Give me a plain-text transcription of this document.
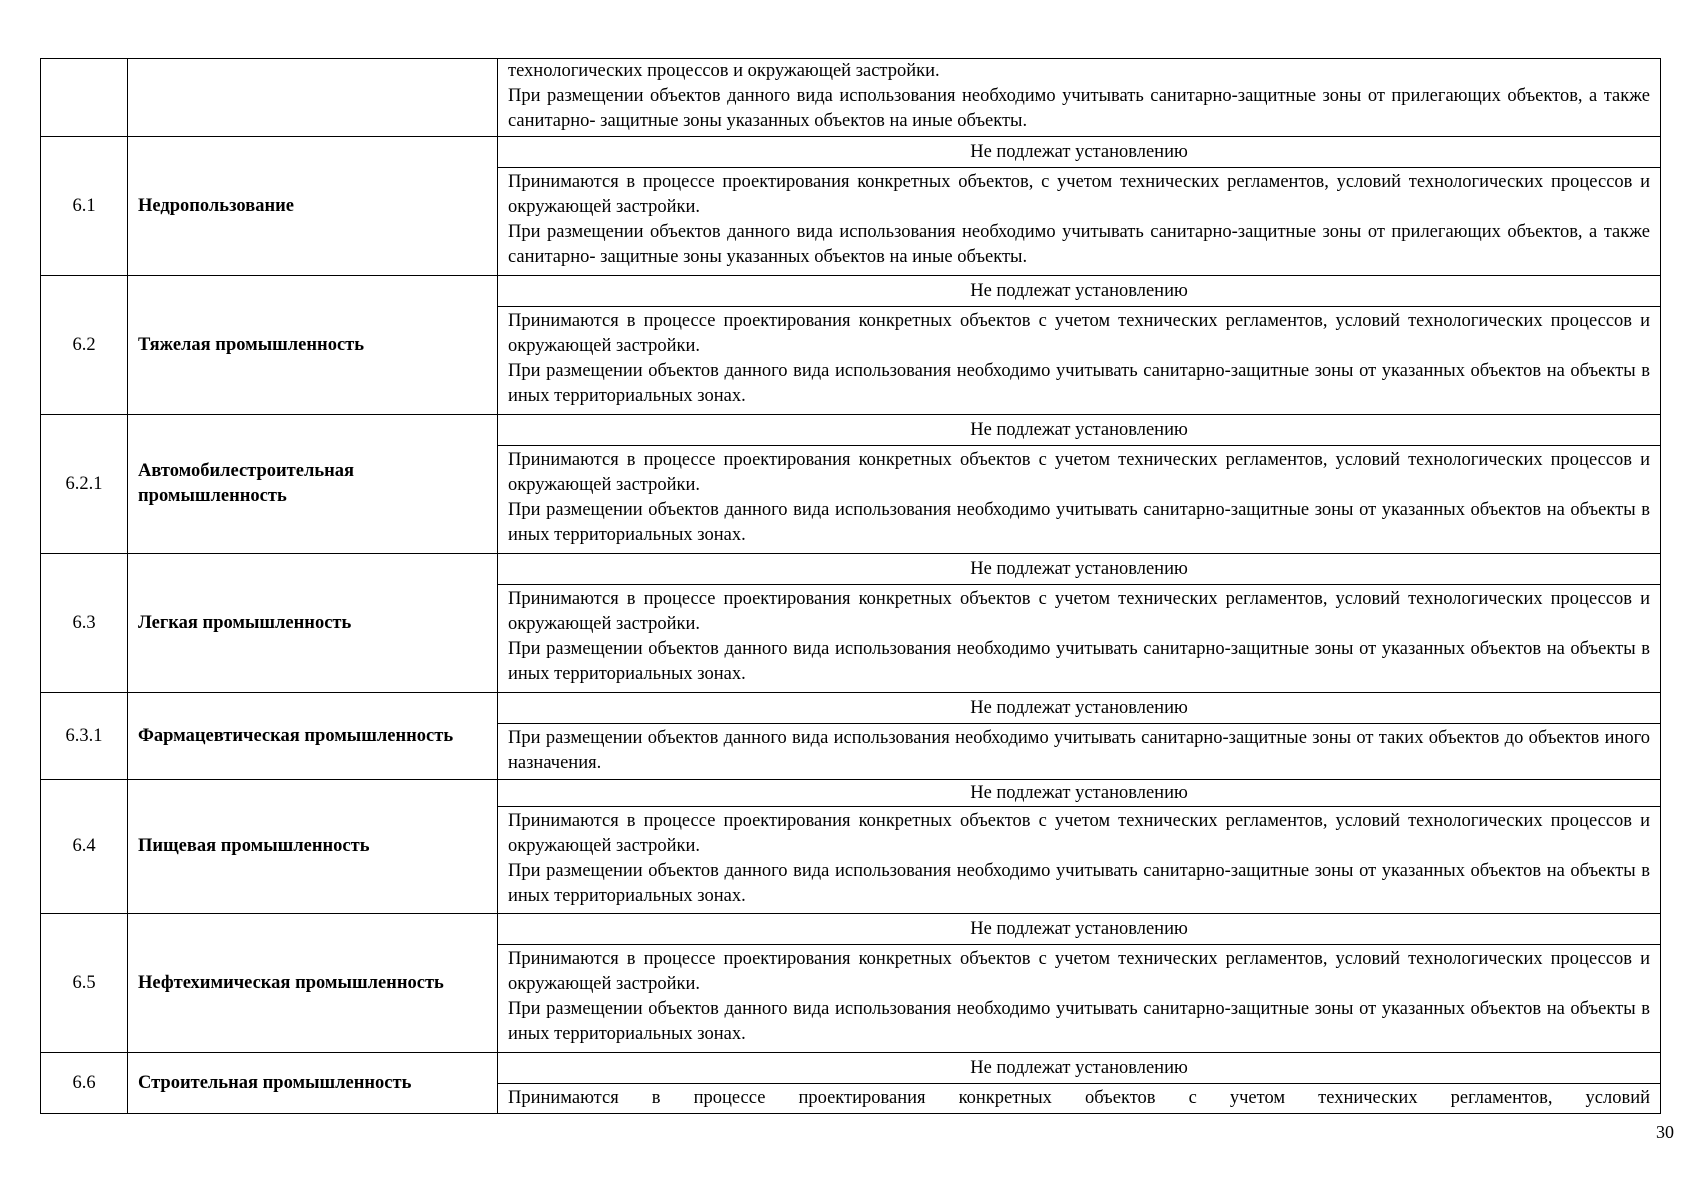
		технологических процессов и окружающей застройки.

При размещении объектов данного вида использования необходимо учитывать санитарно-защитные зоны от прилегающих объектов, а также санитарно- защитные зоны указанных объектов на иные объекты.

6.1	Недропользование	Не подлежат установлению

Принимаются в процессе проектирования конкретных объектов, с учетом технических регламентов, условий технологических процессов и окружающей застройки.

При размещении объектов данного вида использования необходимо учитывать санитарно-защитные зоны от прилегающих объектов, а также санитарно- защитные зоны указанных объектов на иные объекты.

6.2	Тяжелая промышленность	Не подлежат установлению

Принимаются в процессе проектирования конкретных объектов с учетом технических регламентов, условий технологических процессов и окружающей застройки.

При размещении объектов данного вида использования необходимо учитывать санитарно-защитные зоны от указанных объектов на объекты в иных территориальных зонах.

6.2.1	Автомобилестроительная промышленность	Не подлежат установлению

Принимаются в процессе проектирования конкретных объектов с учетом технических регламентов, условий технологических процессов и окружающей застройки.

При размещении объектов данного вида использования необходимо учитывать санитарно-защитные зоны от указанных объектов на объекты в иных территориальных зонах.

6.3	Легкая промышленность	Не подлежат установлению

Принимаются в процессе проектирования конкретных объектов с учетом технических регламентов, условий технологических процессов и окружающей застройки.

При размещении объектов данного вида использования необходимо учитывать санитарно-защитные зоны от указанных объектов на объекты в иных территориальных зонах.

6.3.1	Фармацевтическая промышленность	Не подлежат установлению

При размещении объектов данного вида использования необходимо учитывать санитарно-защитные зоны от таких объектов до объектов иного назначения.

6.4	Пищевая промышленность	Не подлежат установлению

Принимаются в процессе проектирования конкретных объектов с учетом технических регламентов, условий технологических процессов и окружающей застройки.

При размещении объектов данного вида использования необходимо учитывать санитарно-защитные зоны от указанных объектов на объекты в иных территориальных зонах.

6.5	Нефтехимическая промышленность	Не подлежат установлению

Принимаются в процессе проектирования конкретных объектов с учетом технических регламентов, условий технологических процессов и окружающей застройки.

При размещении объектов данного вида использования необходимо учитывать санитарно-защитные зоны от указанных объектов на объекты в иных территориальных зонах.

6.6	Строительная промышленность	Не подлежат установлению

Принимаются в процессе проектирования конкретных объектов с учетом технических регламентов, условий

30
